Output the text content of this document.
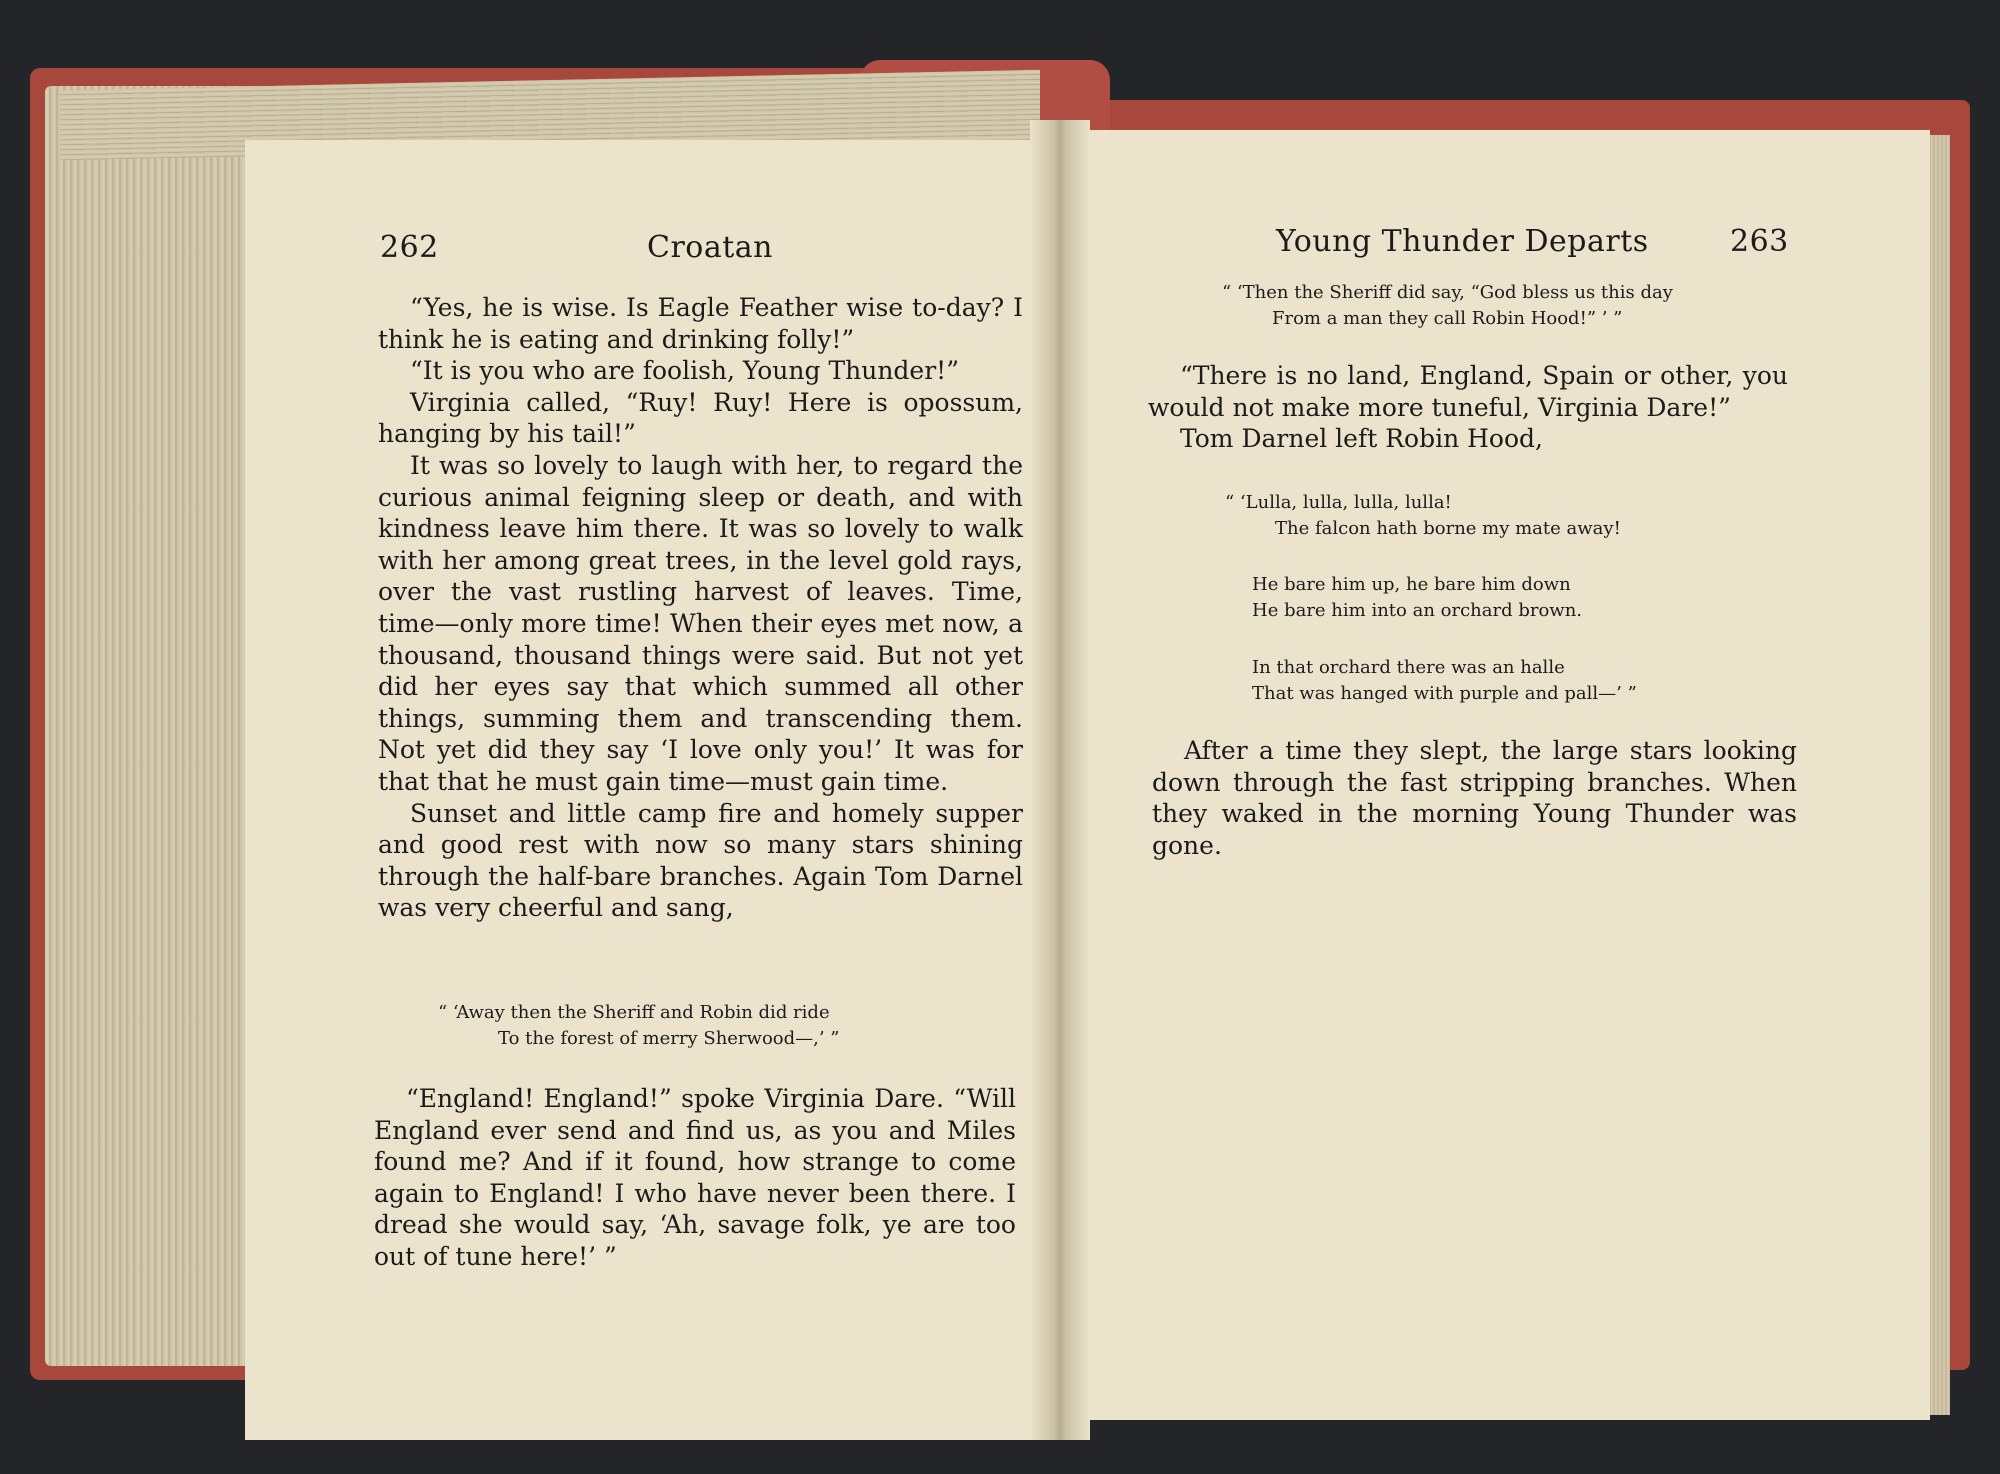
262	Croatan

“Yes, he is wise. Is Eagle Feather wise to-day? I think he is eating and drinking folly!”

“It is you who are foolish, Young Thunder!”

Virginia called, “Ruy! Ruy! Here is opossum, hanging by his tail!”

It was so lovely to laugh with her, to regard the curious animal feigning sleep or death, and with kindness leave him there. It was so lovely to walk with her among great trees, in the level gold rays, over the vast rustling harvest of leaves. Time, time—only more time! When their eyes met now, a thousand, thousand things were said. But not yet did her eyes say that which summed all other things, summing them and transcending them. Not yet did they say ‘I love only you!’ It was for that that he must gain time—must gain time.

Sunset and little camp fire and homely supper and good rest with now so many stars shining through the half-bare branches. Again Tom Darnel was very cheerful and sang,

“ ‘Away then the Sheriff and Robin did ride
To the forest of merry Sherwood—,’ ”

“England! England!” spoke Virginia Dare. “Will England ever send and find us, as you and Miles found me? And if it found, how strange to come again to England! I who have never been there. I dread she would say, ‘Ah, savage folk, ye are too out of tune here!’ ”

Young Thunder Departs	263
“ ‘Then the Sheriff did say, “God bless us this day
From a man they call Robin Hood!” ’ ”

“There is no land, England, Spain or other, you would not make more tuneful, Virginia Dare!”

Tom Darnel left Robin Hood,

“ ‘Lulla, lulla, lulla, lulla!
The falcon hath borne my mate away!
He bare him up, he bare him down
He bare him into an orchard brown.
In that orchard there was an halle
That was hanged with purple and pall—’ ”

After a time they slept, the large stars looking down through the fast stripping branches. When they waked in the morning Young Thunder was gone.
